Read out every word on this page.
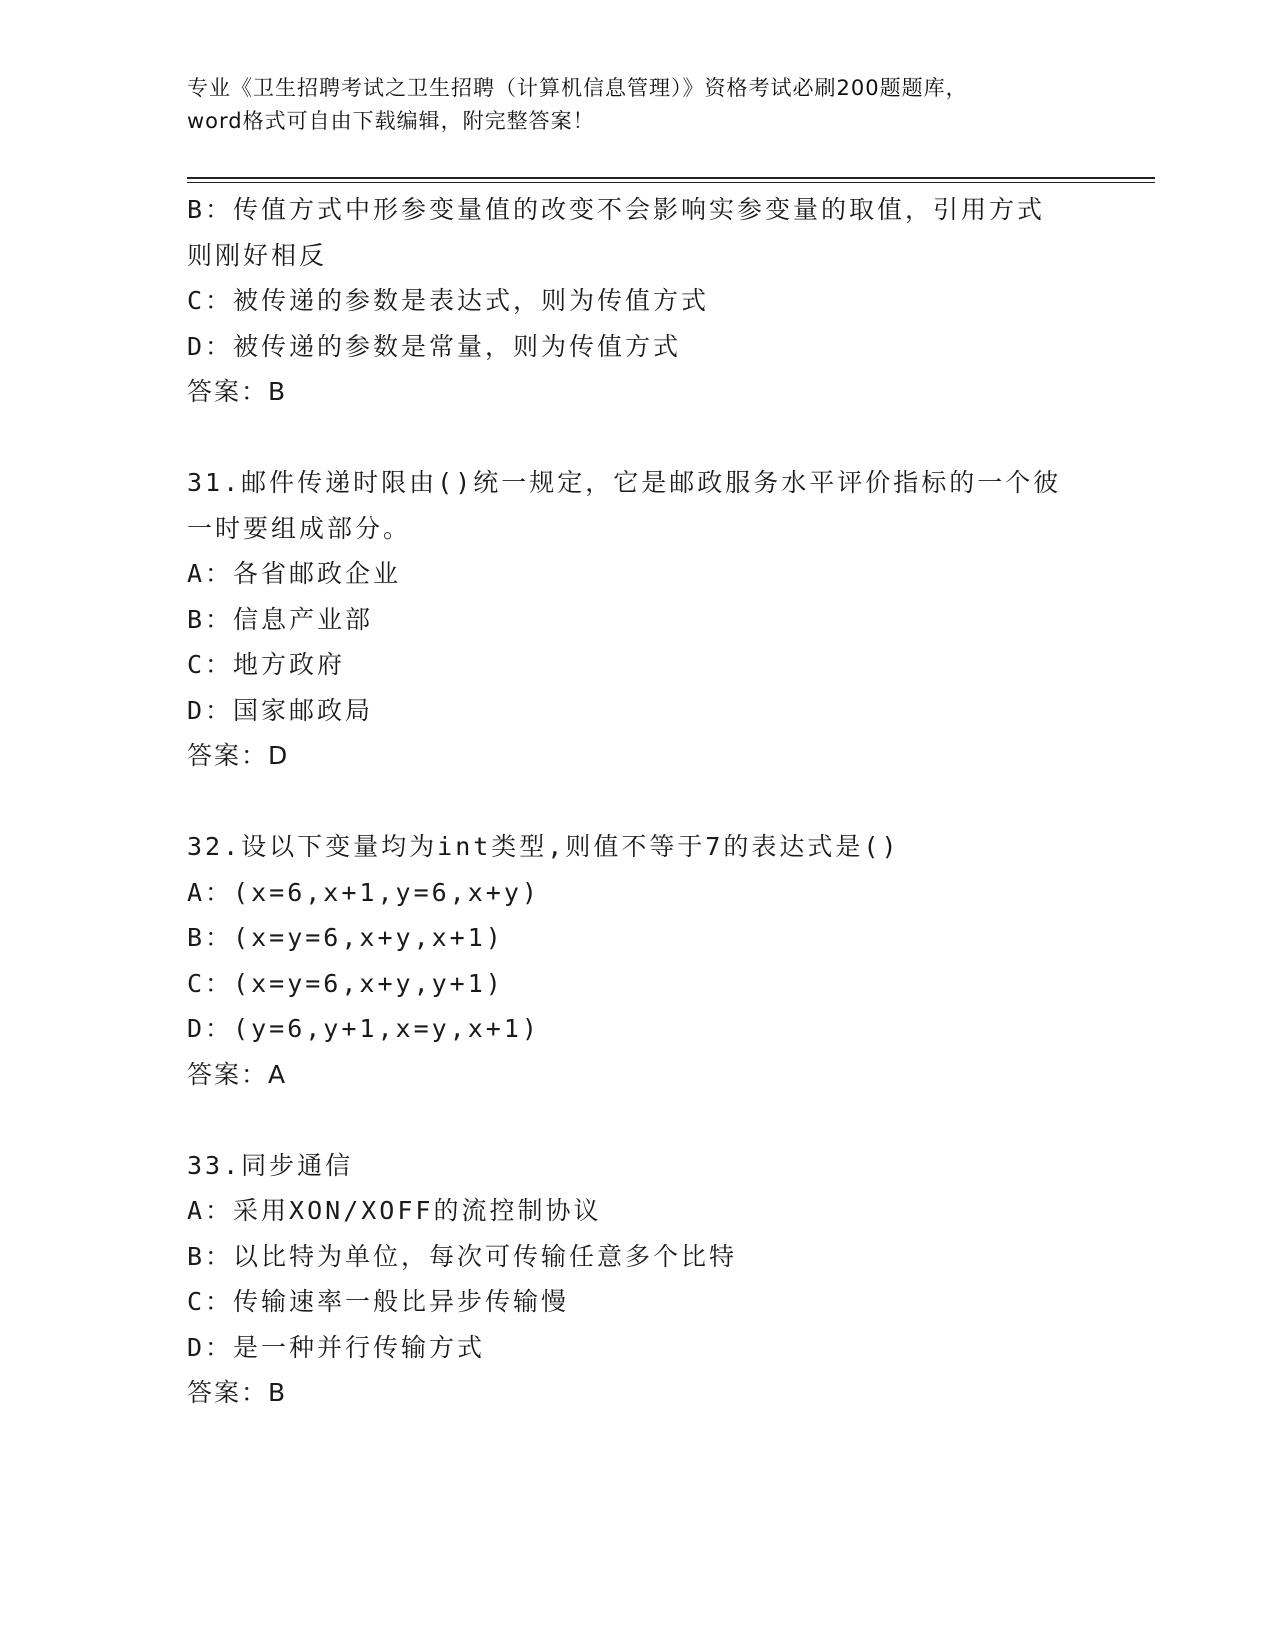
专业《卫生招聘考试之卫生招聘（计算机信息管理）》资格考试必刷200题题库，
word格式可自由下载编辑，附完整答案！
B：传值方式中形参变量值的改变不会影响实参变量的取值，引用方式
则刚好相反
C：被传递的参数是表达式，则为传值方式
D：被传递的参数是常量，则为传值方式
答案：B
31.邮件传递时限由()统一规定，它是邮政服务水平评价指标的一个彼
一时要组成部分。
A：各省邮政企业
B：信息产业部
C：地方政府
D：国家邮政局
答案：D
32.设以下变量均为int类型,则值不等于7的表达式是()
A：(x=6,x+1,y=6,x+y)
B：(x=y=6,x+y,x+1)
C：(x=y=6,x+y,y+1)
D：(y=6,y+1,x=y,x+1)
答案：A
33.同步通信
A：采用XON/XOFF的流控制协议
B：以比特为单位，每次可传输任意多个比特
C：传输速率一般比异步传输慢
D：是一种并行传输方式
答案：B
